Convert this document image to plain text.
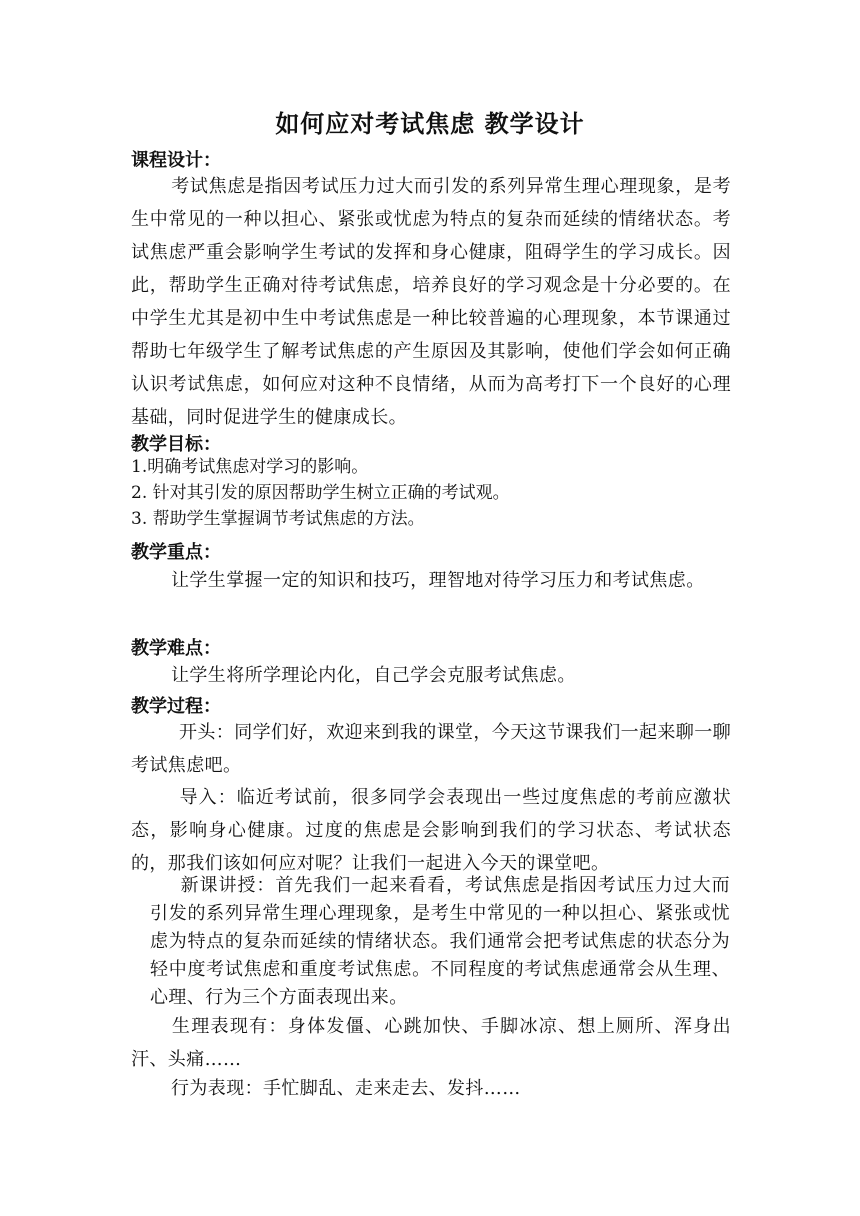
如何应对考试焦虑 教学设计
课程设计：
考试焦虑是指因考试压力过大而引发的系列异常生理心理现象，是考生中常见的一种以担心、紧张或忧虑为特点的复杂而延续的情绪状态。考试焦虑严重会影响学生考试的发挥和身心健康，阻碍学生的学习成长。因此，帮助学生正确对待考试焦虑，培养良好的学习观念是十分必要的。在中学生尤其是初中生中考试焦虑是一种比较普遍的心理现象，本节课通过帮助七年级学生了解考试焦虑的产生原因及其影响，使他们学会如何正确认识考试焦虑，如何应对这种不良情绪，从而为高考打下一个良好的心理基础，同时促进学生的健康成长。
教学目标：
1.明确考试焦虑对学习的影响。
2. 针对其引发的原因帮助学生树立正确的考试观。
3. 帮助学生掌握调节考试焦虑的方法。
教学重点：
让学生掌握一定的知识和技巧，理智地对待学习压力和考试焦虑。
教学难点：
让学生将所学理论内化，自己学会克服考试焦虑。
教学过程：
开头：同学们好，欢迎来到我的课堂，今天这节课我们一起来聊一聊考试焦虑吧。
导入：临近考试前，很多同学会表现出一些过度焦虑的考前应激状态，影响身心健康。过度的焦虑是会影响到我们的学习状态、考试状态的，那我们该如何应对呢？让我们一起进入今天的课堂吧。
新课讲授：首先我们一起来看看，考试焦虑是指因考试压力过大而引发的系列异常生理心理现象，是考生中常见的一种以担心、紧张或忧虑为特点的复杂而延续的情绪状态。我们通常会把考试焦虑的状态分为轻中度考试焦虑和重度考试焦虑。不同程度的考试焦虑通常会从生理、心理、行为三个方面表现出来。
生理表现有：身体发僵、心跳加快、手脚冰凉、想上厕所、浑身出汗、头痛……
行为表现：手忙脚乱、走来走去、发抖……
